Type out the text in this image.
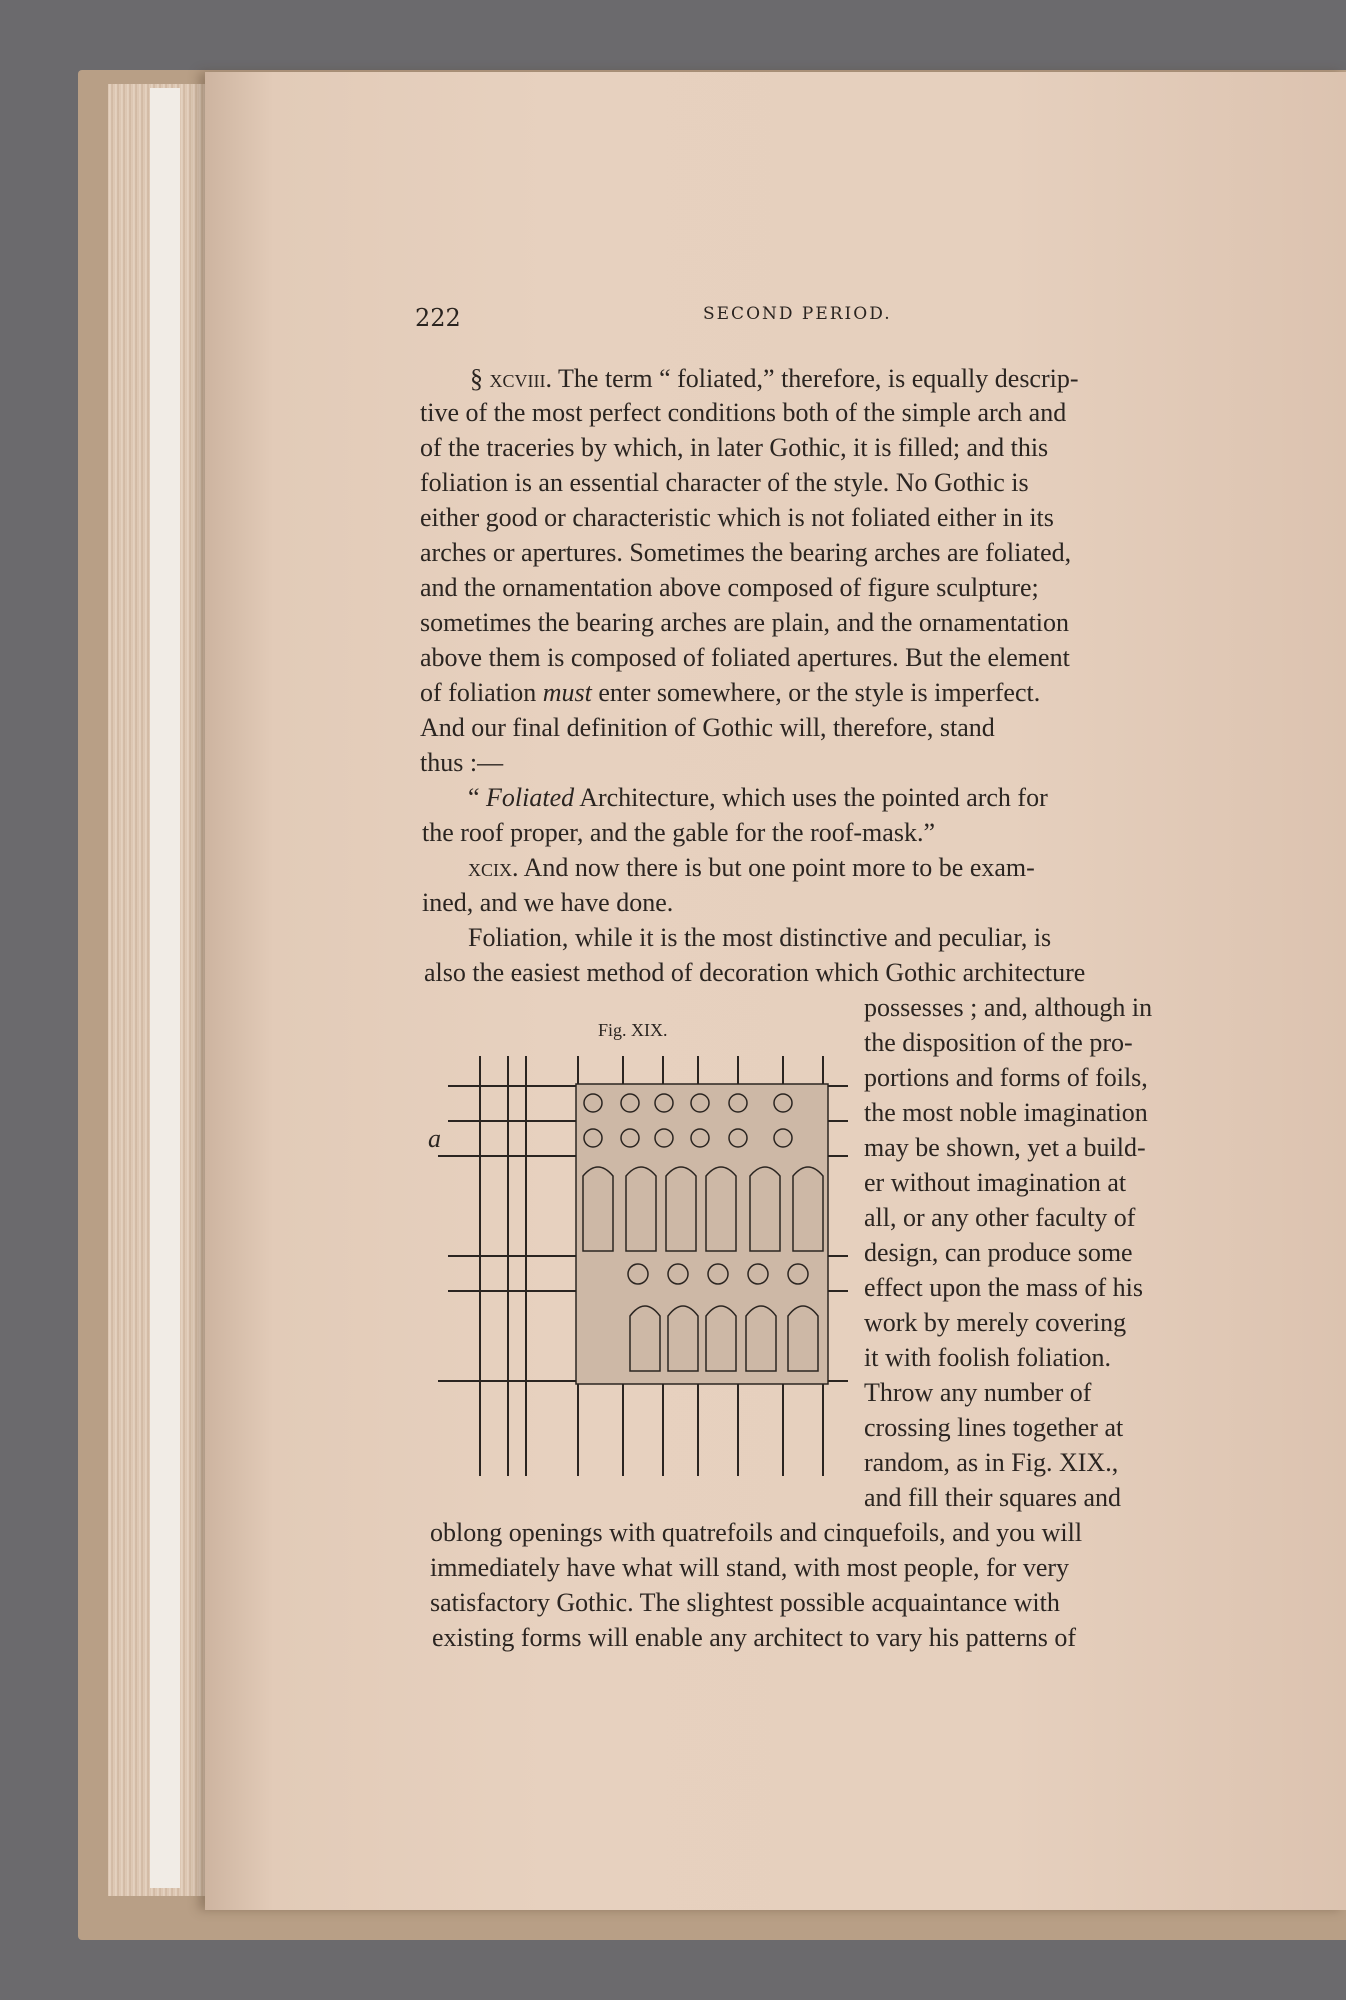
222	SECOND PERIOD.
§ xcviii. The term “ foliated,” therefore, is equally descrip-
tive of the most perfect conditions both of the simple arch and
of the traceries by which, in later Gothic, it is filled; and this
foliation is an essential character of the style. No Gothic is
either good or characteristic which is not foliated either in its
arches or apertures. Sometimes the bearing arches are foliated,
and the ornamentation above composed of figure sculpture;
sometimes the bearing arches are plain, and the ornamentation
above them is composed of foliated apertures. But the element
of foliation must enter somewhere, or the style is imperfect.
And our final definition of Gothic will, therefore, stand
thus :—
“ Foliated Architecture, which uses the pointed arch for
the roof proper, and the gable for the roof-mask.”
xcix. And now there is but one point more to be exam-
ined, and we have done.
Foliation, while it is the most distinctive and peculiar, is
also the easiest method of decoration which Gothic architecture
possesses ; and, although in
the disposition of the pro-
portions and forms of foils,
the most noble imagination
may be shown, yet a build-
er without imagination at
all, or any other faculty of
design, can produce some
effect upon the mass of his
work by merely covering
it with foolish foliation.
Throw any number of
crossing lines together at
random, as in Fig. XIX.,
and fill their squares and
oblong openings with quatrefoils and cinquefoils, and you will
immediately have what will stand, with most people, for very
satisfactory Gothic. The slightest possible acquaintance with
existing forms will enable any architect to vary his patterns of
Fig. XIX.
a
